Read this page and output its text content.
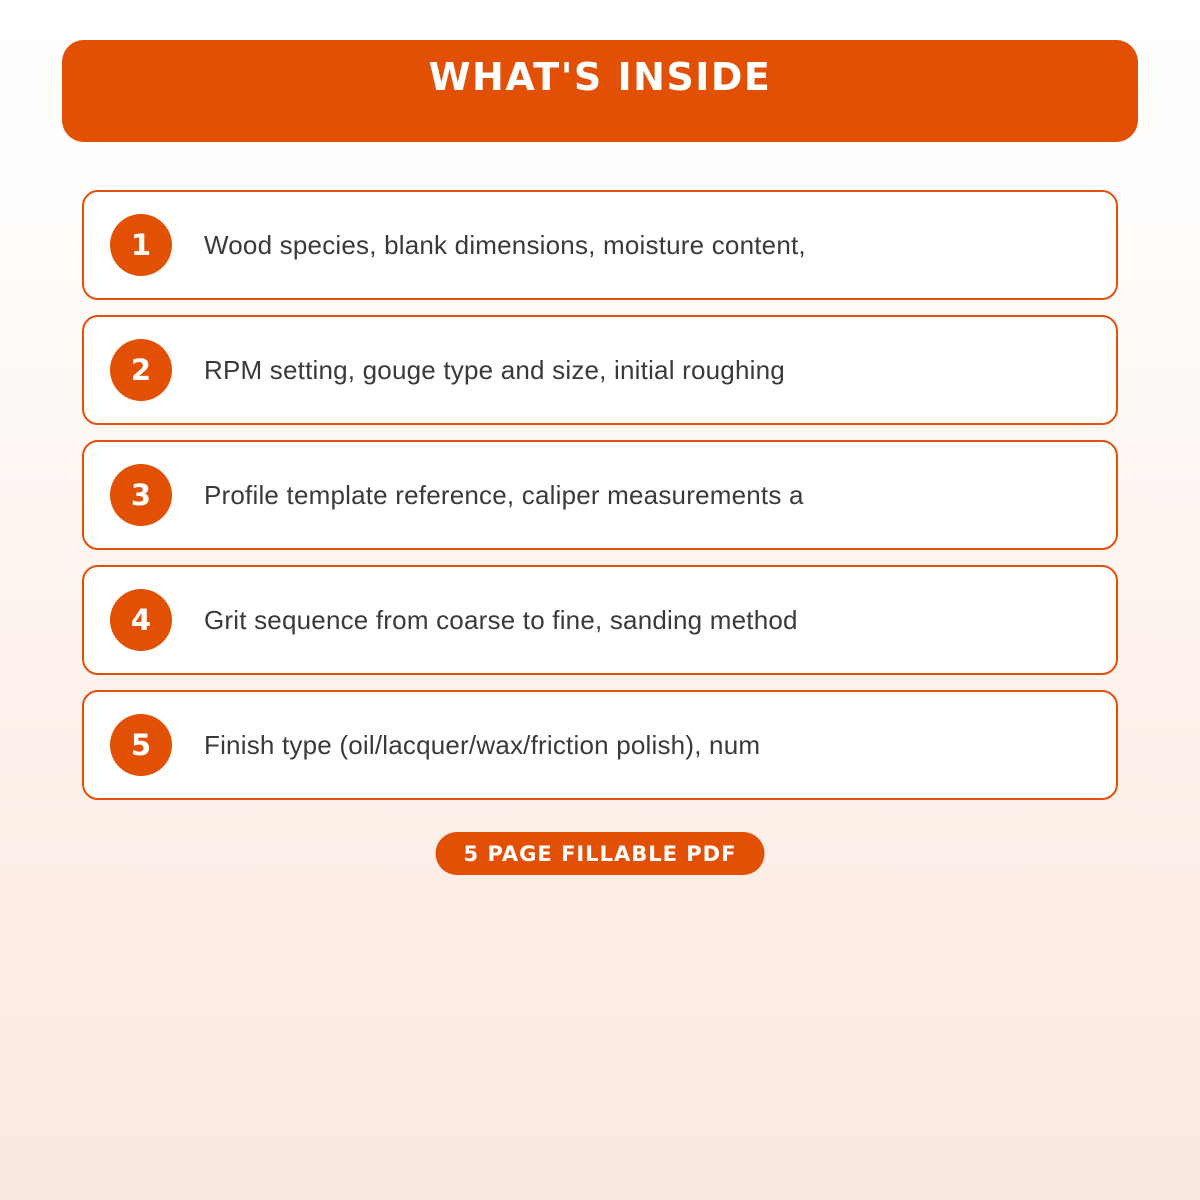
WHAT'S INSIDE
1	Wood species, blank dimensions, moisture content,
2	RPM setting, gouge type and size, initial roughing
3	Profile template reference, caliper measurements a
4	Grit sequence from coarse to fine, sanding method
5	Finish type (oil/lacquer/wax/friction polish), num
5 PAGE FILLABLE PDF
